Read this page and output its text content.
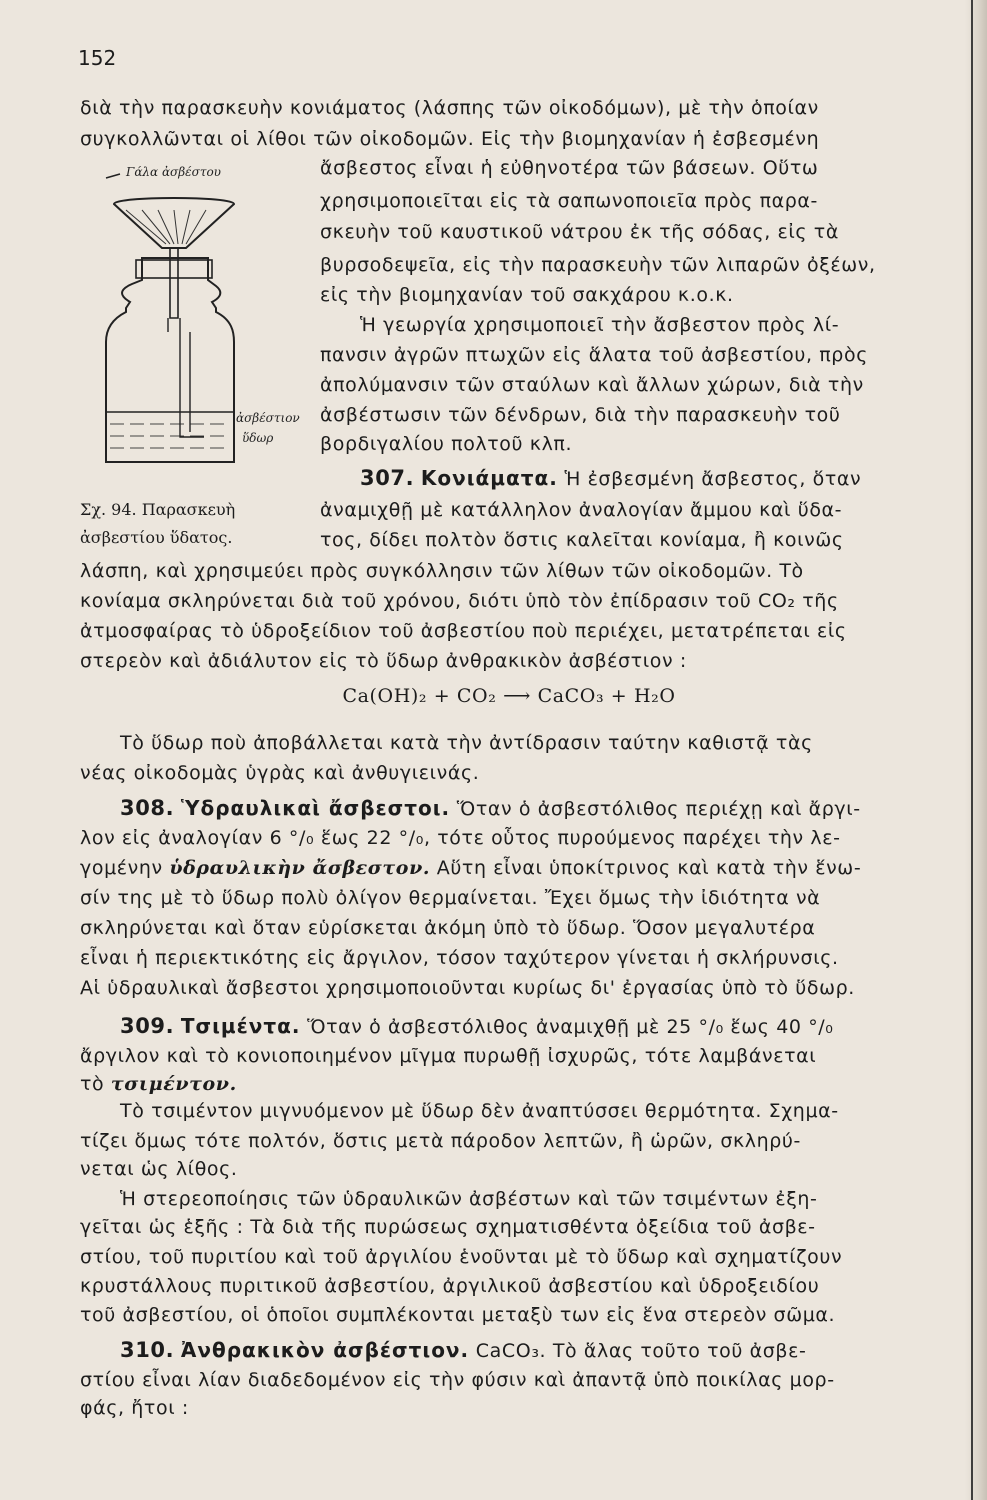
152
Γάλα ἀσβέστου
ἀσβέστιον
ὕδωρ
Σχ. 94. Παρασκευὴ
ἀσβεστίου ὕδατος.
διὰ τὴν παρασκευὴν κονιάματος (λάσπης τῶν οἰκοδόμων), μὲ τὴν ὁποίαν
συγκολλῶνται οἱ λίθοι τῶν οἰκοδομῶν. Εἰς τὴν βιομηχανίαν ἡ ἐσβεσμένη
ἄσβεστος εἶναι ἡ εὐθηνοτέρα τῶν βάσεων. Οὕτω
χρησιμοποιεῖται εἰς τὰ σαπωνοποιεῖα πρὸς παρα-
σκευὴν τοῦ καυστικοῦ νάτρου ἐκ τῆς σόδας, εἰς τὰ
βυρσοδεψεῖα, εἰς τὴν παρασκευὴν τῶν λιπαρῶν ὀξέων,
εἰς τὴν βιομηχανίαν τοῦ σακχάρου κ.ο.κ.
Ἡ γεωργία χρησιμοποιεῖ τὴν ἄσβεστον πρὸς λί-
πανσιν ἀγρῶν πτωχῶν εἰς ἅλατα τοῦ ἀσβεστίου, πρὸς
ἀπολύμανσιν τῶν σταύλων καὶ ἄλλων χώρων, διὰ τὴν
ἀσβέστωσιν τῶν δένδρων, διὰ τὴν παρασκευὴν τοῦ
βορδιγαλίου πολτοῦ κλπ.
307. Κονιάματα. Ἡ ἐσβεσμένη ἄσβεστος, ὅταν
ἀναμιχθῇ μὲ κατάλληλον ἀναλογίαν ἄμμου καὶ ὕδα-
τος, δίδει πολτὸν ὅστις καλεῖται κονίαμα, ἢ κοινῶς
λάσπη, καὶ χρησιμεύει πρὸς συγκόλλησιν τῶν λίθων τῶν οἰκοδομῶν. Τὸ
κονίαμα σκληρύνεται διὰ τοῦ χρόνου, διότι ὑπὸ τὸν ἐπίδρασιν τοῦ CO₂ τῆς
ἀτμοσφαίρας τὸ ὑδροξείδιον τοῦ ἀσβεστίου ποὺ περιέχει, μετατρέπεται εἰς
στερεὸν καὶ ἀδιάλυτον εἰς τὸ ὕδωρ ἀνθρακικὸν ἀσβέστιον :
Ca(OH)₂ + CO₂ ⟶ CaCO₃ + H₂O
Τὸ ὕδωρ ποὺ ἀποβάλλεται κατὰ τὴν ἀντίδρασιν ταύτην καθιστᾷ τὰς
νέας οἰκοδομὰς ὑγρὰς καὶ ἀνθυγιεινάς.
308. Ὑδραυλικαὶ ἄσβεστοι. Ὅταν ὁ ἀσβεστόλιθος περιέχῃ καὶ ἄργι-
λον εἰς ἀναλογίαν 6 °/₀ ἕως 22 °/₀, τότε οὗτος πυρούμενος παρέχει τὴν λε-
γομένην ὑδραυλικὴν ἄσβεστον. Αὕτη εἶναι ὑποκίτρινος καὶ κατὰ τὴν ἕνω-
σίν της μὲ τὸ ὕδωρ πολὺ ὀλίγον θερμαίνεται. Ἔχει ὅμως τὴν ἰδιότητα νὰ
σκληρύνεται καὶ ὅταν εὑρίσκεται ἀκόμη ὑπὸ τὸ ὕδωρ. Ὅσον μεγαλυτέρα
εἶναι ἡ περιεκτικότης εἰς ἄργιλον, τόσον ταχύτερον γίνεται ἡ σκλήρυνσις.
Αἱ ὑδραυλικαὶ ἄσβεστοι χρησιμοποιοῦνται κυρίως δι' ἐργασίας ὑπὸ τὸ ὕδωρ.
309. Τσιμέντα. Ὅταν ὁ ἀσβεστόλιθος ἀναμιχθῇ μὲ 25 °/₀ ἕως 40 °/₀
ἄργιλον καὶ τὸ κονιοποιημένον μῖγμα πυρωθῇ ἰσχυρῶς, τότε λαμβάνεται
τὸ τσιμέντον.
Τὸ τσιμέντον μιγνυόμενον μὲ ὕδωρ δὲν ἀναπτύσσει θερμότητα. Σχημα-
τίζει ὅμως τότε πολτόν, ὅστις μετὰ πάροδον λεπτῶν, ἢ ὡρῶν, σκληρύ-
νεται ὡς λίθος.
Ἡ στερεοποίησις τῶν ὑδραυλικῶν ἀσβέστων καὶ τῶν τσιμέντων ἐξη-
γεῖται ὡς ἑξῆς : Τὰ διὰ τῆς πυρώσεως σχηματισθέντα ὀξείδια τοῦ ἀσβε-
στίου, τοῦ πυριτίου καὶ τοῦ ἀργιλίου ἑνοῦνται μὲ τὸ ὕδωρ καὶ σχηματίζουν
κρυστάλλους πυριτικοῦ ἀσβεστίου, ἀργιλικοῦ ἀσβεστίου καὶ ὑδροξειδίου
τοῦ ἀσβεστίου, οἱ ὁποῖοι συμπλέκονται μεταξὺ των εἰς ἕνα στερεὸν σῶμα.
310. Ἀνθρακικὸν ἀσβέστιον. CaCO₃. Τὸ ἅλας τοῦτο τοῦ ἀσβε-
στίου εἶναι λίαν διαδεδομένον εἰς τὴν φύσιν καὶ ἀπαντᾷ ὑπὸ ποικίλας μορ-
φάς, ἤτοι :
